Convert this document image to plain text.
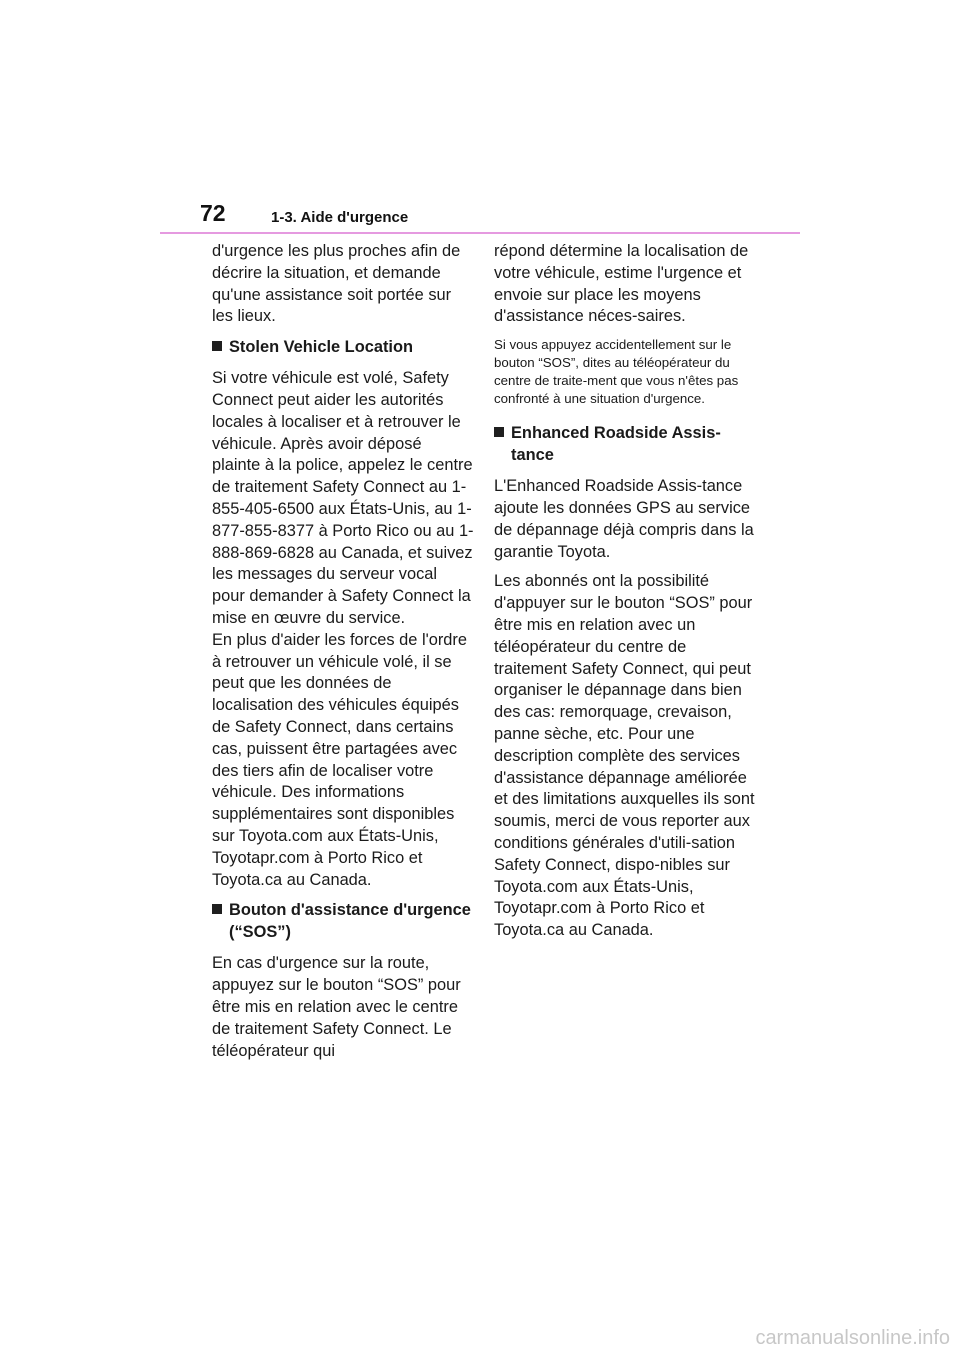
72	1-3. Aide d'urgence

d'urgence les plus proches afin de décrire la situation, et demande qu'une assistance soit portée sur les lieux.

Stolen Vehicle Location

Si votre véhicule est volé, Safety Connect peut aider les autorités locales à localiser et à retrouver le véhicule. Après avoir déposé plainte à la police, appelez le centre de traitement Safety Connect au 1-855-405-6500 aux États-Unis, au 1-877-855-8377 à Porto Rico ou au 1-888-869-6828 au Canada, et suivez les messages du serveur vocal pour demander à Safety Connect la mise en œuvre du service.

En plus d'aider les forces de l'ordre à retrouver un véhicule volé, il se peut que les données de localisation des véhicules équipés de Safety Connect, dans certains cas, puissent être partagées avec des tiers afin de localiser votre véhicule. Des informations supplémentaires sont disponibles sur Toyota.com aux États-Unis, Toyotapr.com à Porto Rico et Toyota.ca au Canada.

Bouton d'assistance d'urgence (“SOS”)

En cas d'urgence sur la route, appuyez sur le bouton “SOS” pour être mis en relation avec le centre de traitement Safety Connect. Le téléopérateur qui

répond détermine la localisation de votre véhicule, estime l'urgence et envoie sur place les moyens d'assistance néces-saires.

Si vous appuyez accidentellement sur le bouton “SOS”, dites au téléopérateur du centre de traite-ment que vous n'êtes pas confronté à une situation d'urgence.

Enhanced Roadside Assis-tance

L'Enhanced Roadside Assis-tance ajoute les données GPS au service de dépannage déjà compris dans la garantie Toyota.

Les abonnés ont la possibilité d'appuyer sur le bouton “SOS” pour être mis en relation avec un téléopérateur du centre de traitement Safety Connect, qui peut organiser le dépannage dans bien des cas: remorquage, crevaison, panne sèche, etc. Pour une description complète des services d'assistance dépannage améliorée et des limitations auxquelles ils sont soumis, merci de vous reporter aux conditions générales d'utili-sation Safety Connect, dispo-nibles sur Toyota.com aux États-Unis, Toyotapr.com à Porto Rico et Toyota.ca au Canada.

carmanualsonline.info
